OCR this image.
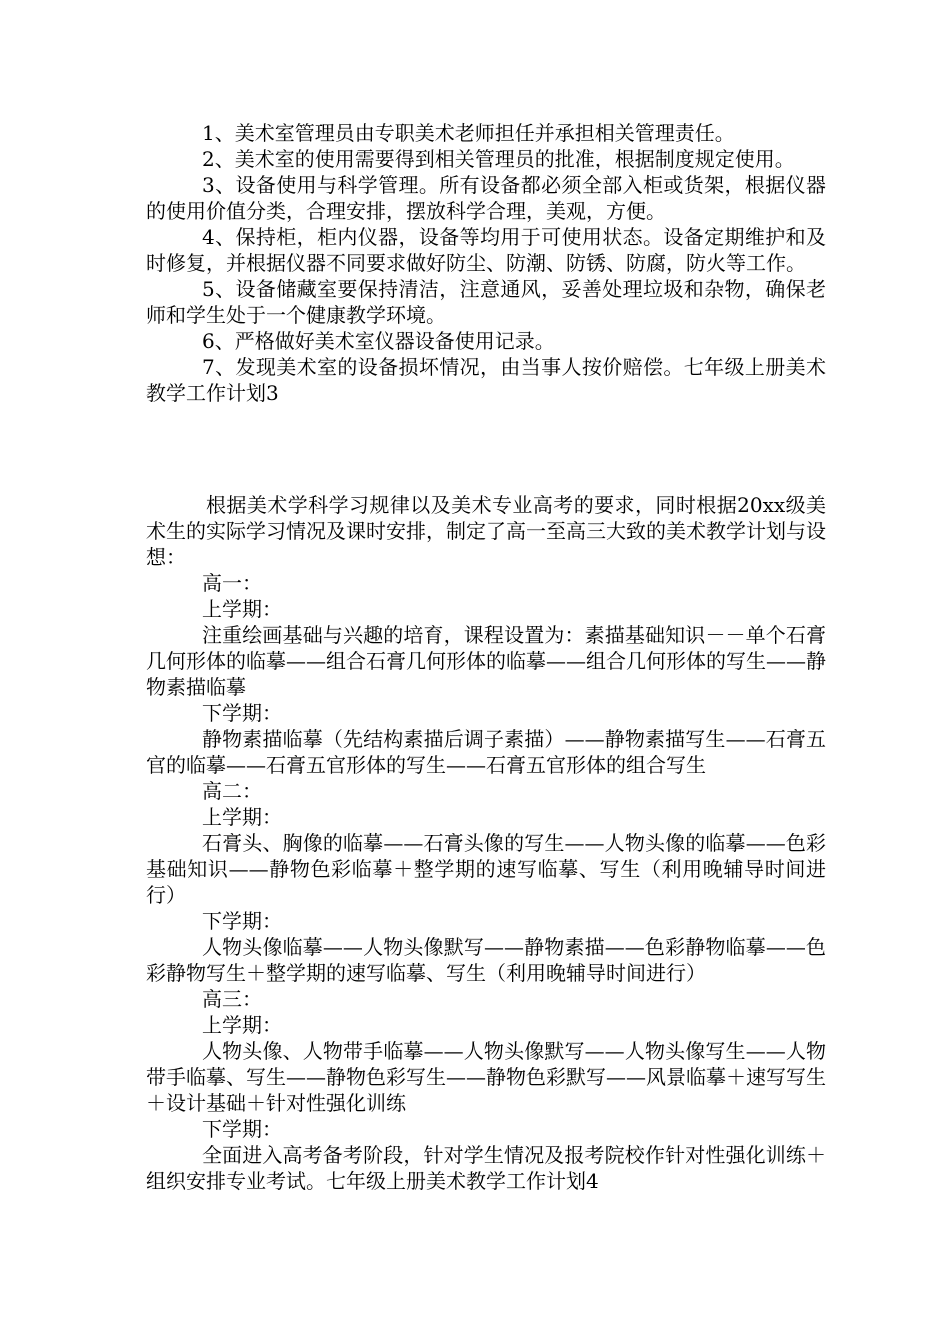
1、美术室管理员由专职美术老师担任并承担相关管理责任。

2、美术室的使用需要得到相关管理员的批准，根据制度规定使用。

3、设备使用与科学管理。所有设备都必须全部入柜或货架，根据仪器的使用价值分类，合理安排，摆放科学合理，美观，方便。

4、保持柜，柜内仪器，设备等均用于可使用状态。设备定期维护和及时修复，并根据仪器不同要求做好防尘、防潮、防锈、防腐，防火等工作。

5、设备储藏室要保持清洁，注意通风，妥善处理垃圾和杂物，确保老师和学生处于一个健康教学环境。

6、严格做好美术室仪器设备使用记录。

7、发现美术室的设备损坏情况，由当事人按价赔偿。七年级上册美术教学工作计划3

根据美术学科学习规律以及美术专业高考的要求，同时根据20xx级美术生的实际学习情况及课时安排，制定了高一至高三大致的美术教学计划与设想：

高一：

上学期：

注重绘画基础与兴趣的培育，课程设置为：素描基础知识－－单个石膏几何形体的临摹——组合石膏几何形体的临摹——组合几何形体的写生——静物素描临摹

下学期：

静物素描临摹（先结构素描后调子素描）——静物素描写生——石膏五官的临摹——石膏五官形体的写生——石膏五官形体的组合写生

高二：

上学期：

石膏头、胸像的临摹——石膏头像的写生——人物头像的临摹——色彩基础知识——静物色彩临摹＋整学期的速写临摹、写生（利用晚辅导时间进行）

下学期：

人物头像临摹——人物头像默写——静物素描——色彩静物临摹——色彩静物写生＋整学期的速写临摹、写生（利用晚辅导时间进行）

高三：

上学期：

人物头像、人物带手临摹——人物头像默写——人物头像写生——人物带手临摹、写生——静物色彩写生——静物色彩默写——风景临摹＋速写写生＋设计基础＋针对性强化训练

下学期：

全面进入高考备考阶段，针对学生情况及报考院校作针对性强化训练＋组织安排专业考试。七年级上册美术教学工作计划4
